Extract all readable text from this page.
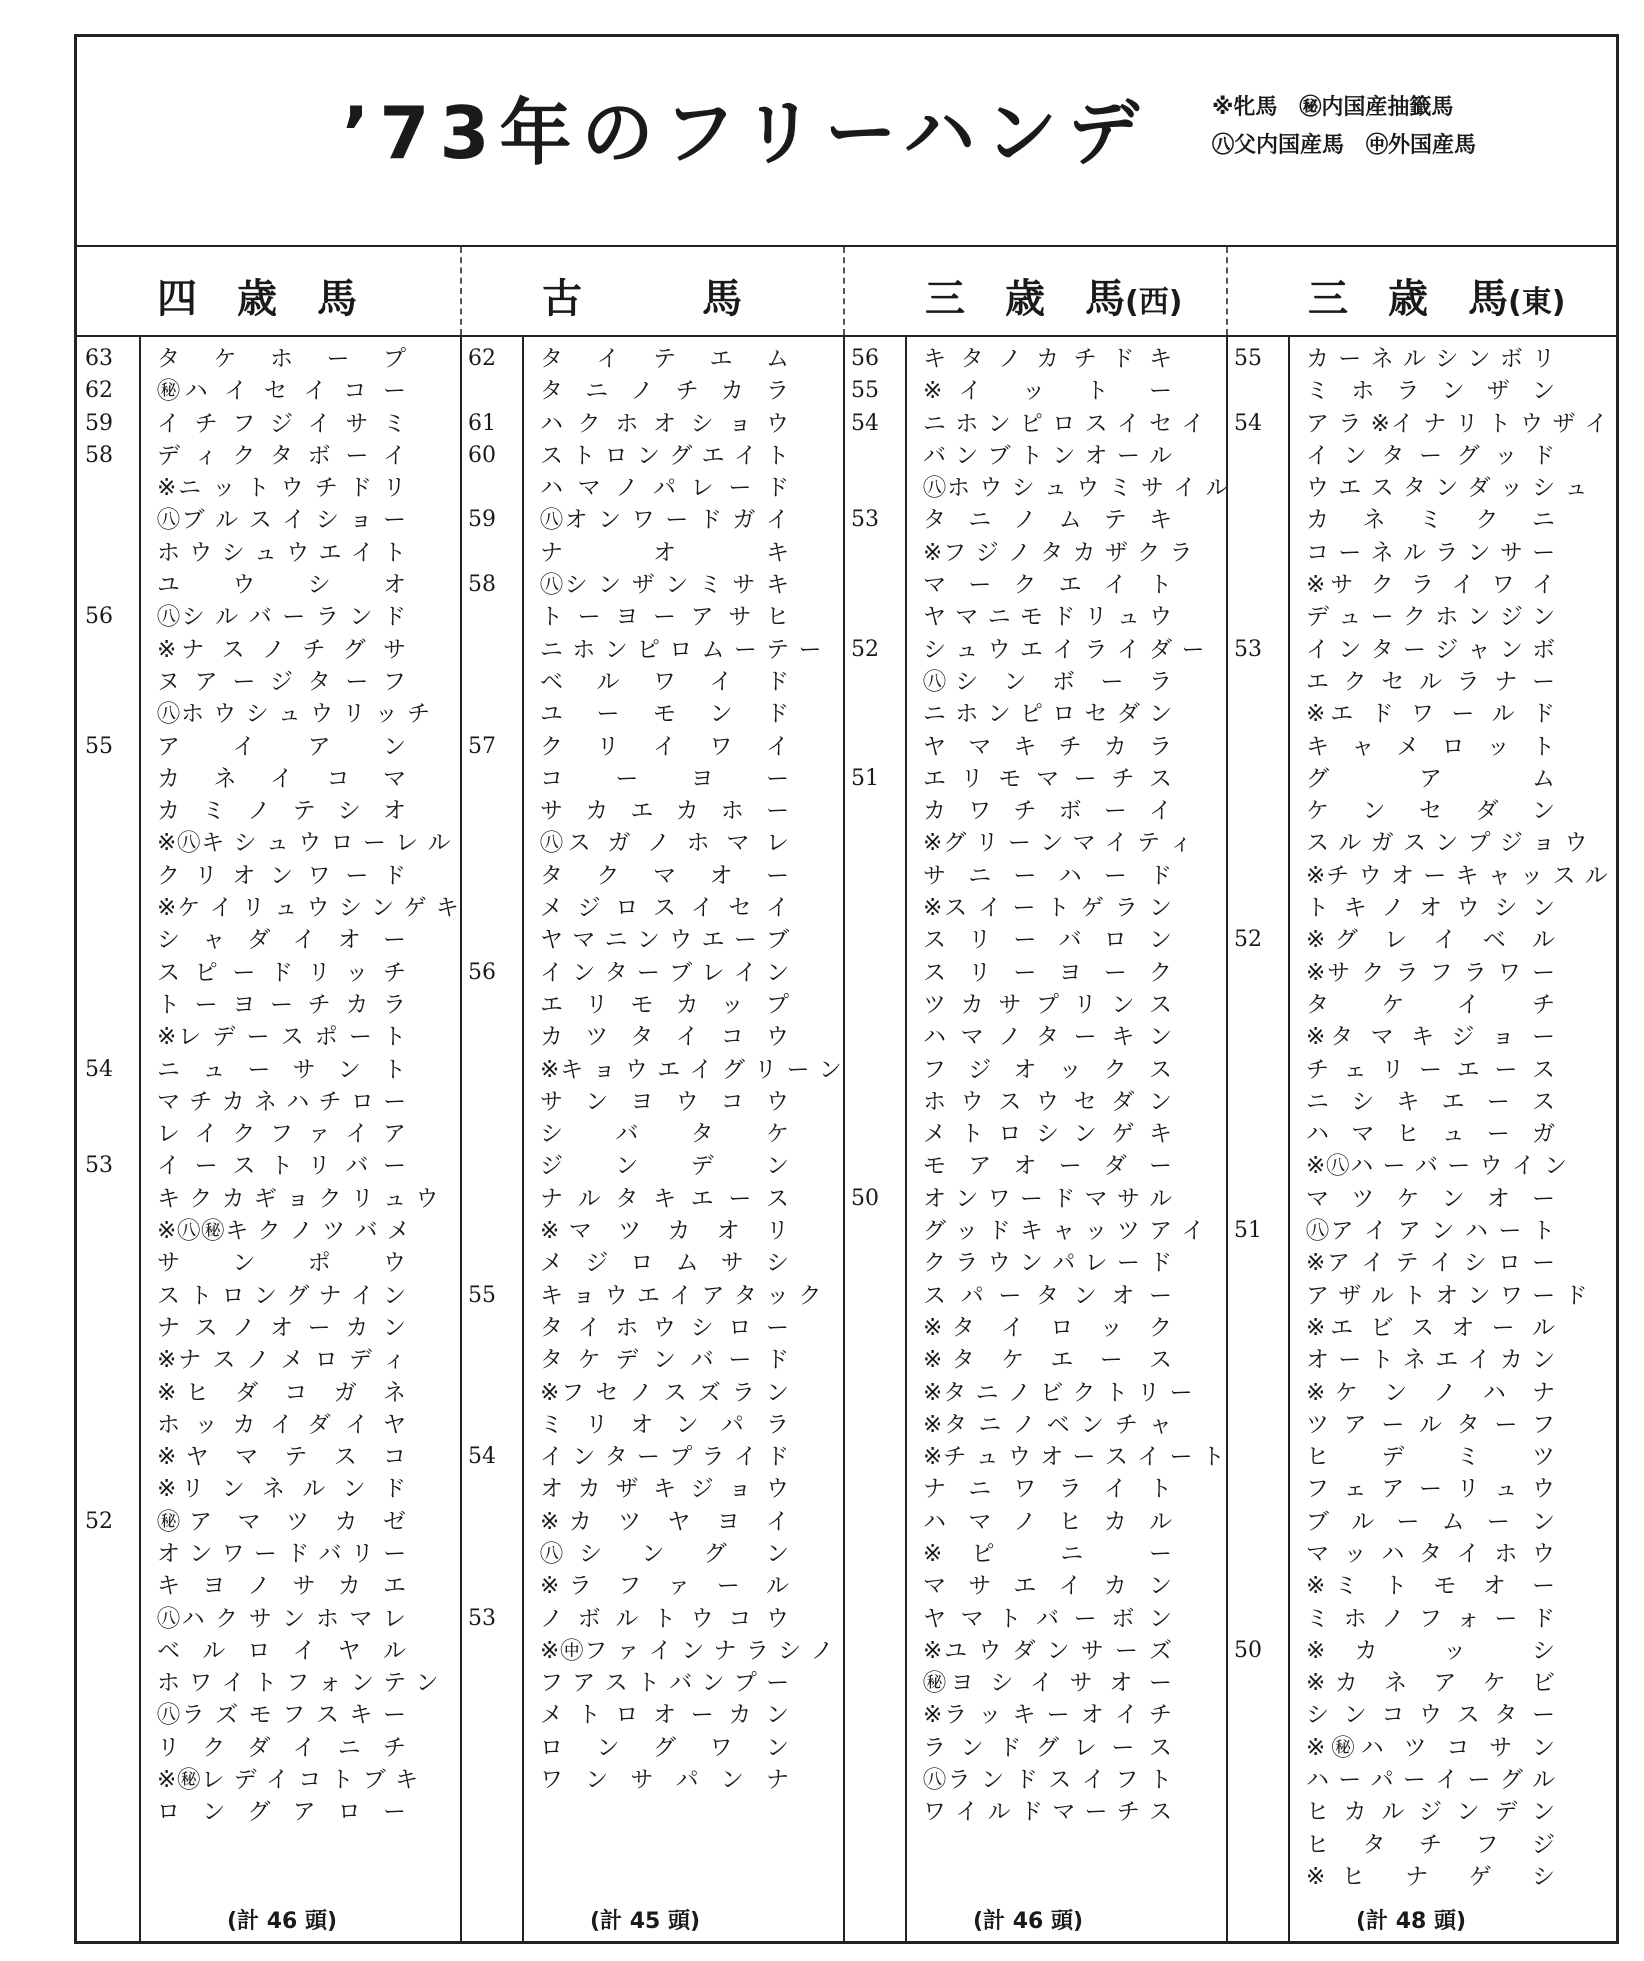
’73年のフリーハンデ	※牝馬　㊙内国産抽籤馬
㊇父内国産馬　㊥外国産馬
四　歳　馬	古　　　馬	三　歳　馬(西)	三　歳　馬(東)
63	タ ケ ホ ー プ
62	㊙ハ イ セ イ コ ー
59	イ チ フ ジ イ サ ミ
58	デ ィ ク タ ボ ー イ
※ニ ッ ト ウ チ ド リ
㊇ブ ル ス イ シ ョ ー
ホ ウ シ ュ ウ エ イ ト
ユ ウ シ オ
56	㊇シ ル バ ー ラ ン ド
※ナ ス ノ チ グ サ
ヌ ア ー ジ タ ー フ
㊇ホ ウ シ ュ ウ リ ッ チ
55	ア イ ア ン
カ ネ イ コ マ
カ ミ ノ テ シ オ
※㊇キ シ ュ ウ ロ ー レ ル
ク リ オ ン ワ ー ド
※ケ イ リ ュ ウ シ ン ゲ キ
シ ャ ダ イ オ ー
ス ピ ー ド リ ッ チ
ト ー ヨ ー チ カ ラ
※レ デ ー ス ポ ー ト
54	ニ ュ ー サ ン ト
マ チ カ ネ ハ チ ロ ー
レ イ ク フ ァ イ ア
53	イ ー ス ト リ バ ー
キ ク カ ギ ョ ク リ ュ ウ
※㊇㊙キ ク ノ ツ バ メ
サ ン ポ ウ
ス ト ロ ン グ ナ イ ン
ナ ス ノ オ ー カ ン
※ナ ス ノ メ ロ デ ィ
※ヒ ダ コ ガ ネ
ホ ッ カ イ ダ イ ヤ
※ヤ マ テ ス コ
※リ ン ネ ル ン ド
52	㊙ア マ ツ カ ゼ
オ ン ワ ー ド バ リ ー
キ ヨ ノ サ カ エ
㊇ハ ク サ ン ホ マ レ
ベ ル ロ イ ヤ ル
ホ ワ イ ト フ ォ ン テ ン
㊇ラ ズ モ フ ス キ ー
リ ク ダ イ ニ チ
※㊙レ デ イ コ ト ブ キ
ロ ン グ ア ロ ー
(計 46 頭)
62	タ イ テ エ ム
タ ニ ノ チ カ ラ
61	ハ ク ホ オ シ ョ ウ
60	ス ト ロ ン グ エ イ ト
ハ マ ノ パ レ ー ド
59	㊇オ ン ワ ー ド ガ イ
ナ オ キ
58	㊇シ ン ザ ン ミ サ キ
ト ー ヨ ー ア サ ヒ
ニ ホ ン ピ ロ ム ー テ ー
ベ ル ワ イ ド
ユ ー モ ン ド
57	ク リ イ ワ イ
コ ー ヨ ー
サ カ エ カ ホ ー
㊇ス ガ ノ ホ マ レ
タ ク マ オ ー
メ ジ ロ ス イ セ イ
ヤ マ ニ ン ウ エ ー ブ
56	イ ン タ ー ブ レ イ ン
エ リ モ カ ッ プ
カ ツ タ イ コ ウ
※キ ョ ウ エ イ グ リ ー ン
サ ン ヨ ウ コ ウ
シ バ タ ケ
ジ ン デ ン
ナ ル タ キ エ ー ス
※マ ツ カ オ リ
メ ジ ロ ム サ シ
55	キ ョ ウ エ イ ア タ ッ ク
タ イ ホ ウ シ ロ ー
タ ケ デ ン バ ー ド
※フ セ ノ ス ズ ラ ン
ミ リ オ ン パ ラ
54	イ ン タ ー プ ラ イ ド
オ カ ザ キ ジ ョ ウ
※カ ツ ヤ ヨ イ
㊇シ ン グ ン
※ラ フ ァ ー ル
53	ノ ボ ル ト ウ コ ウ
※㊥フ ァ イ ン ナ ラ シ ノ
フ ア ス ト バ ン プ ー
メ ト ロ オ ー カ ン
ロ ン グ ワ ン
ワ ン サ パ ン ナ
(計 45 頭)
56	キ タ ノ カ チ ド キ
55	※イ ッ ト ー
54	ニ ホ ン ピ ロ ス イ セ イ
バ ン ブ ト ン オ ー ル
㊇ホ ウ シ ュ ウ ミ サ イ ル
53	タ ニ ノ ム テ キ
※フ ジ ノ タ カ ザ ク ラ
マ ー ク エ イ ト
ヤ マ ニ モ ド リ ュ ウ
52	シ ュ ウ エ イ ラ イ ダ ー
㊇シ ン ボ ー ラ
ニ ホ ン ピ ロ セ ダ ン
ヤ マ キ チ カ ラ
51	エ リ モ マ ー チ ス
カ ワ チ ボ ー イ
※グ リ ー ン マ イ テ ィ
サ ニ ー ハ ー ド
※ス イ ー ト ゲ ラ ン
ス リ ー バ ロ ン
ス リ ー ヨ ー ク
ツ カ サ プ リ ン ス
ハ マ ノ タ ー キ ン
フ ジ オ ッ ク ス
ホ ウ ス ウ セ ダ ン
メ ト ロ シ ン ゲ キ
モ ア オ ー ダ ー
50	オ ン ワ ー ド マ サ ル
グ ッ ド キ ャ ッ ツ ア イ
ク ラ ウ ン パ レ ー ド
ス パ ー タ ン オ ー
※タ イ ロ ッ ク
※タ ケ エ ー ス
※タ ニ ノ ビ ク ト リ ー
※タ ニ ノ ベ ン チ ャ
※チ ュ ウ オ ー ス イ ー ト
ナ ニ ワ ラ イ ト
ハ マ ノ ヒ カ ル
※ピ ニ ー
マ サ エ イ カ ン
ヤ マ ト バ ー ボ ン
※ユ ウ ダ ン サ ー ズ
㊙ヨ シ イ サ オ ー
※ラ ッ キ ー オ イ チ
ラ ン ド グ レ ー ス
㊇ラ ン ド ス イ フ ト
ワ イ ル ド マ ー チ ス
(計 46 頭)
55	カ ー ネ ル シ ン ボ リ
ミ ホ ラ ン ザ ン
54	ア ラ ※イ ナ リ ト ウ ザ イ
イ ン タ ー グ ッ ド
ウ エ ス タ ン ダ ッ シ ュ
カ ネ ミ ク ニ
コ ー ネ ル ラ ン サ ー
※サ ク ラ イ ワ イ
デ ュ ー ク ホ ン ジ ン
53	イ ン タ ー ジ ャ ン ボ
エ ク セ ル ラ ナ ー
※エ ド ワ ー ル ド
キ ャ メ ロ ッ ト
グ ア ム
ケ ン セ ダ ン
ス ル ガ ス ン プ ジ ョ ウ
※チ ウ オ ー キ ャ ッ ス ル
ト キ ノ オ ウ シ ン
52	※グ レ イ ベ ル
※サ ク ラ フ ラ ワ ー
タ ケ イ チ
※タ マ キ ジ ョ ー
チ ェ リ ー エ ー ス
ニ シ キ エ ー ス
ハ マ ヒ ュ ー ガ
※㊇ハ ー バ ー ウ イ ン
マ ツ ケ ン オ ー
51	㊇ア イ ア ン ハ ー ト
※ア イ テ イ シ ロ ー
ア ザ ル ト オ ン ワ ー ド
※エ ビ ス オ ー ル
オ ー ト ネ エ イ カ ン
※ケ ン ノ ハ ナ
ツ ア ー ル タ ー フ
ヒ デ ミ ツ
フ ェ ア ー リ ュ ウ
ブ ル ー ム ー ン
マ ッ ハ タ イ ホ ウ
※ミ ト モ オ ー
ミ ホ ノ フ ォ ー ド
50	※カ ッ シ
※カ ネ ア ケ ビ
シ ン コ ウ ス タ ー
※㊙ハ ツ コ サ ン
ハ ー パ ー イ ー グ ル
ヒ カ ル ジ ン デ ン
ヒ タ チ フ ジ
※ヒ ナ ゲ シ
(計 48 頭)
